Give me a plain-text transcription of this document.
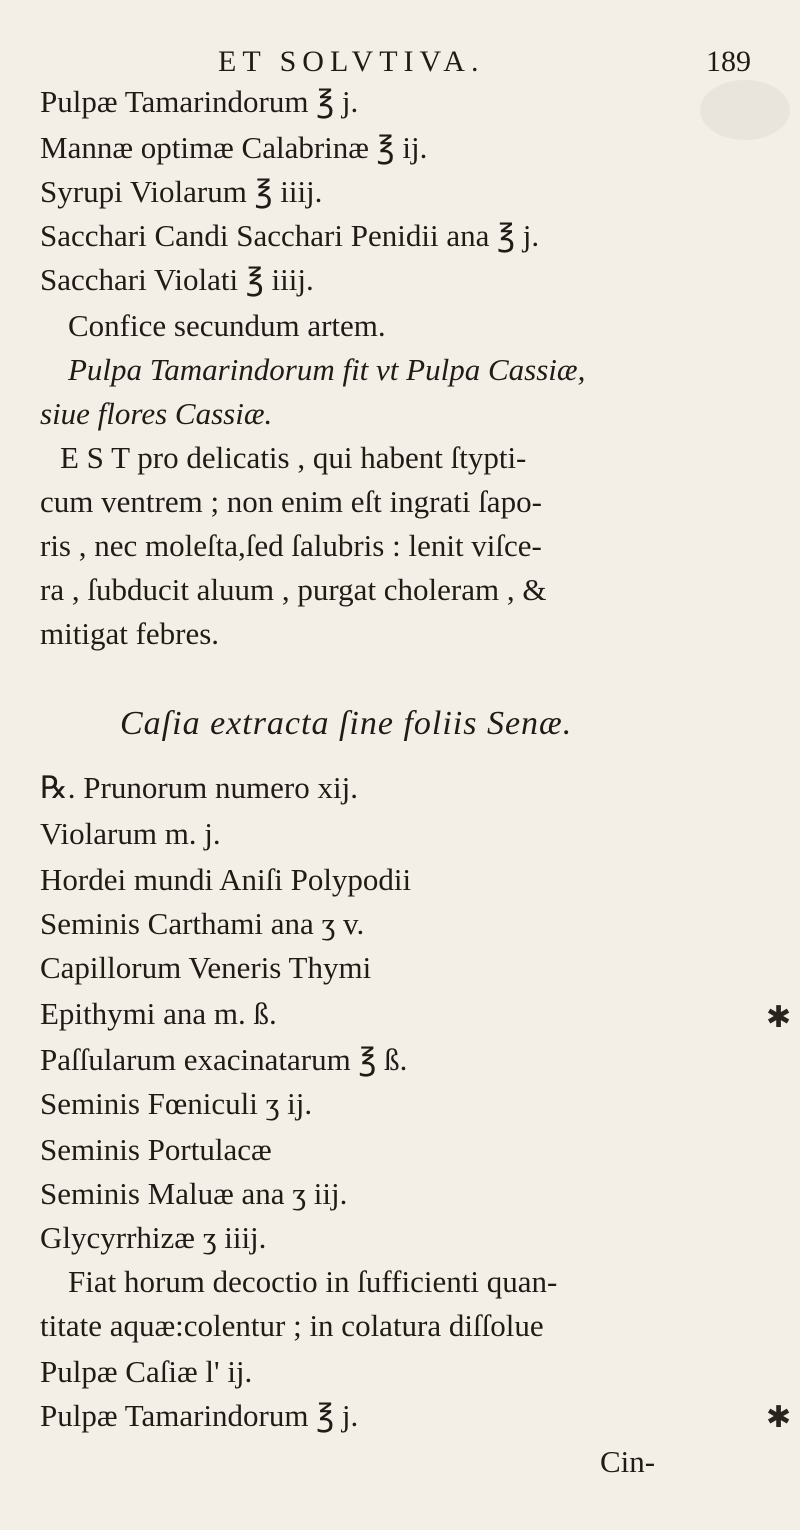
ET SOLVTIVA.	189
Pulpæ Tamarindorum ℥ j.
Mannæ optimæ Calabrinæ ℥ ij.
Syrupi Violarum ℥ iiij.
Sacchari Candi Sacchari Penidii ana ℥ j.
Sacchari Violati ℥ iiij.
Confice secundum artem.
Pulpa Tamarindorum fit vt Pulpa Cassiæ,
siue flores Cassiæ.
E S T pro delicatis , qui habent ſtypti-
cum ventrem ; non enim eſt ingrati ſapo-
ris , nec moleſta,ſed ſalubris : lenit viſce-
ra , ſubducit aluum , purgat choleram , &
mitigat febres.
Caſia extracta ſine foliis Senæ.
℞. Prunorum numero xij.
Violarum m. j.
Hordei mundi Aniſi Polypodii
Seminis Carthami ana ʒ v.
Capillorum Veneris Thymi
Epithymi ana m. ß.
Paſſularum exacinatarum ℥ ß.
Seminis Fœniculi ʒ ij.
Seminis Portulacæ
Seminis Maluæ ana ʒ iij.
Glycyrrhizæ ʒ iiij.
Fiat horum decoctio in ſufficienti quan-
titate aquæ:colentur ; in colatura diſſolue
Pulpæ Caſiæ l' ij.
Pulpæ Tamarindorum ℥ j.
Cin-
✱
✱
